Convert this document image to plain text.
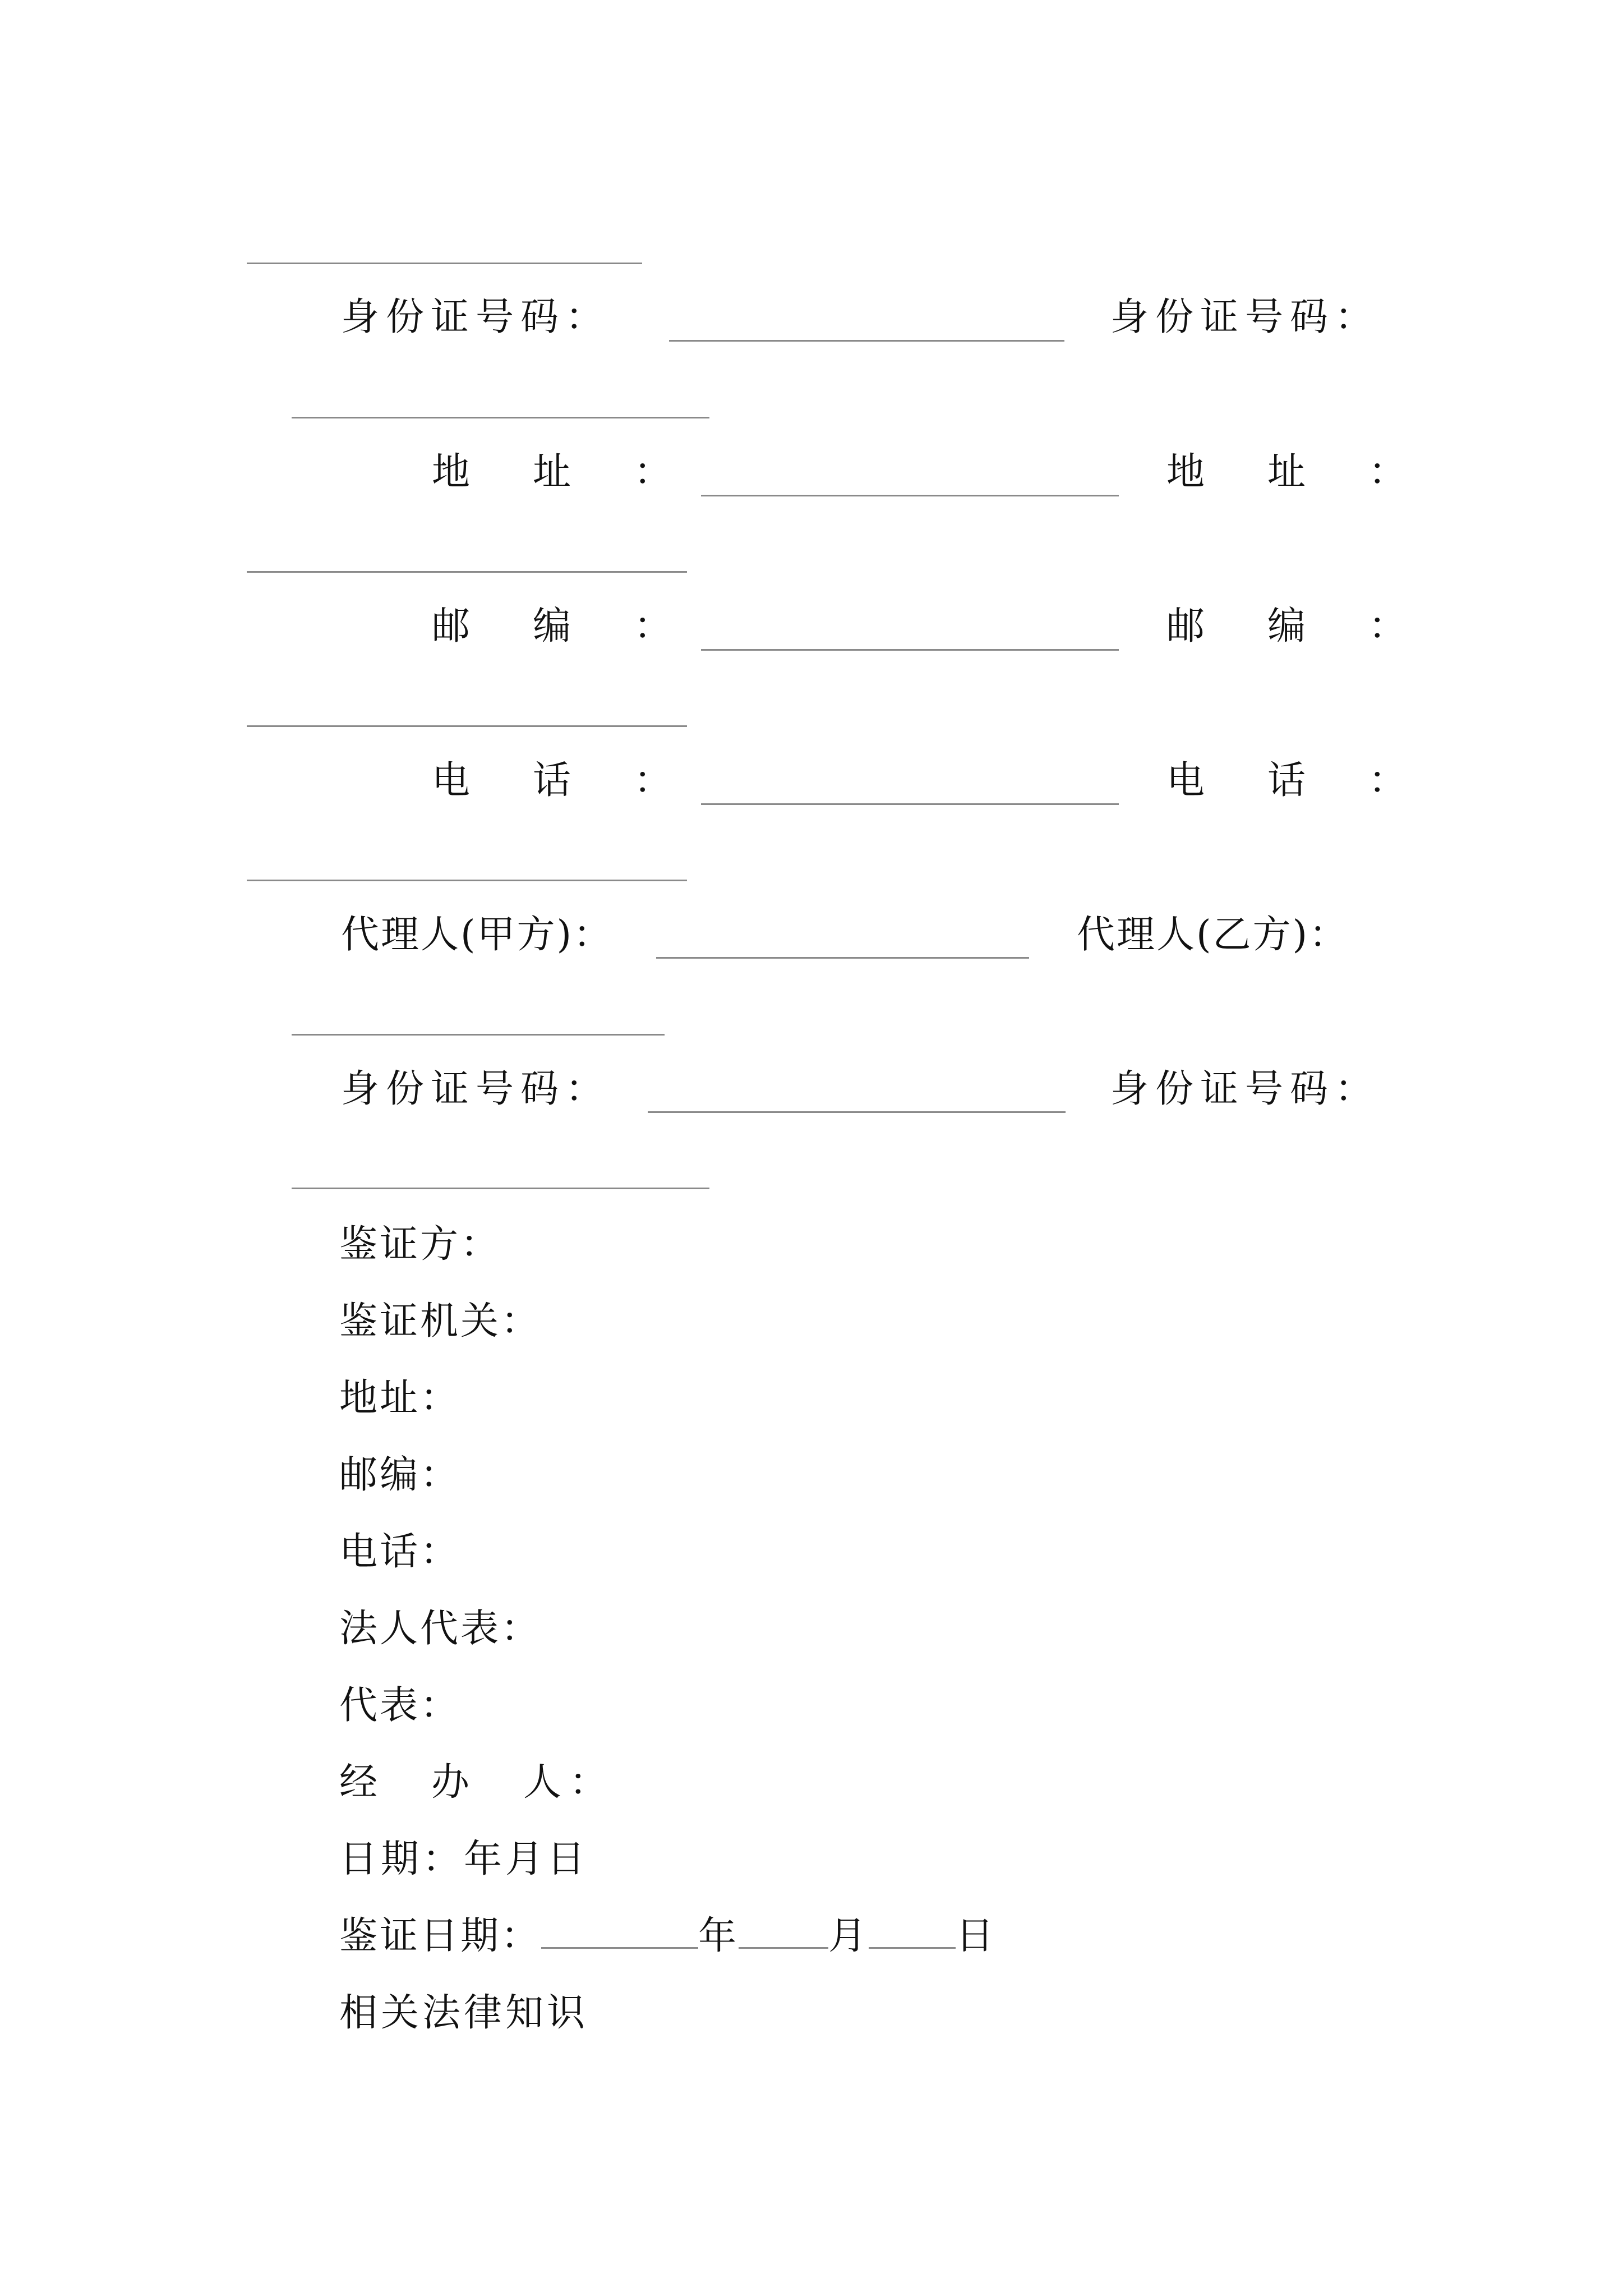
身份证号码：	身份证号码：

地　址　：	地　址　：

邮　编　：	邮　编　：

电　话　：	电　话　：

代理人(甲方)：	代理人(乙方)：

身份证号码：	身份证号码：

鉴证方：

鉴证机关：

地址：

邮编：

电话：

法人代表：

代表：

经　办　人：

日期：年月日

鉴证日期：	年 月 日

相关法律知识
